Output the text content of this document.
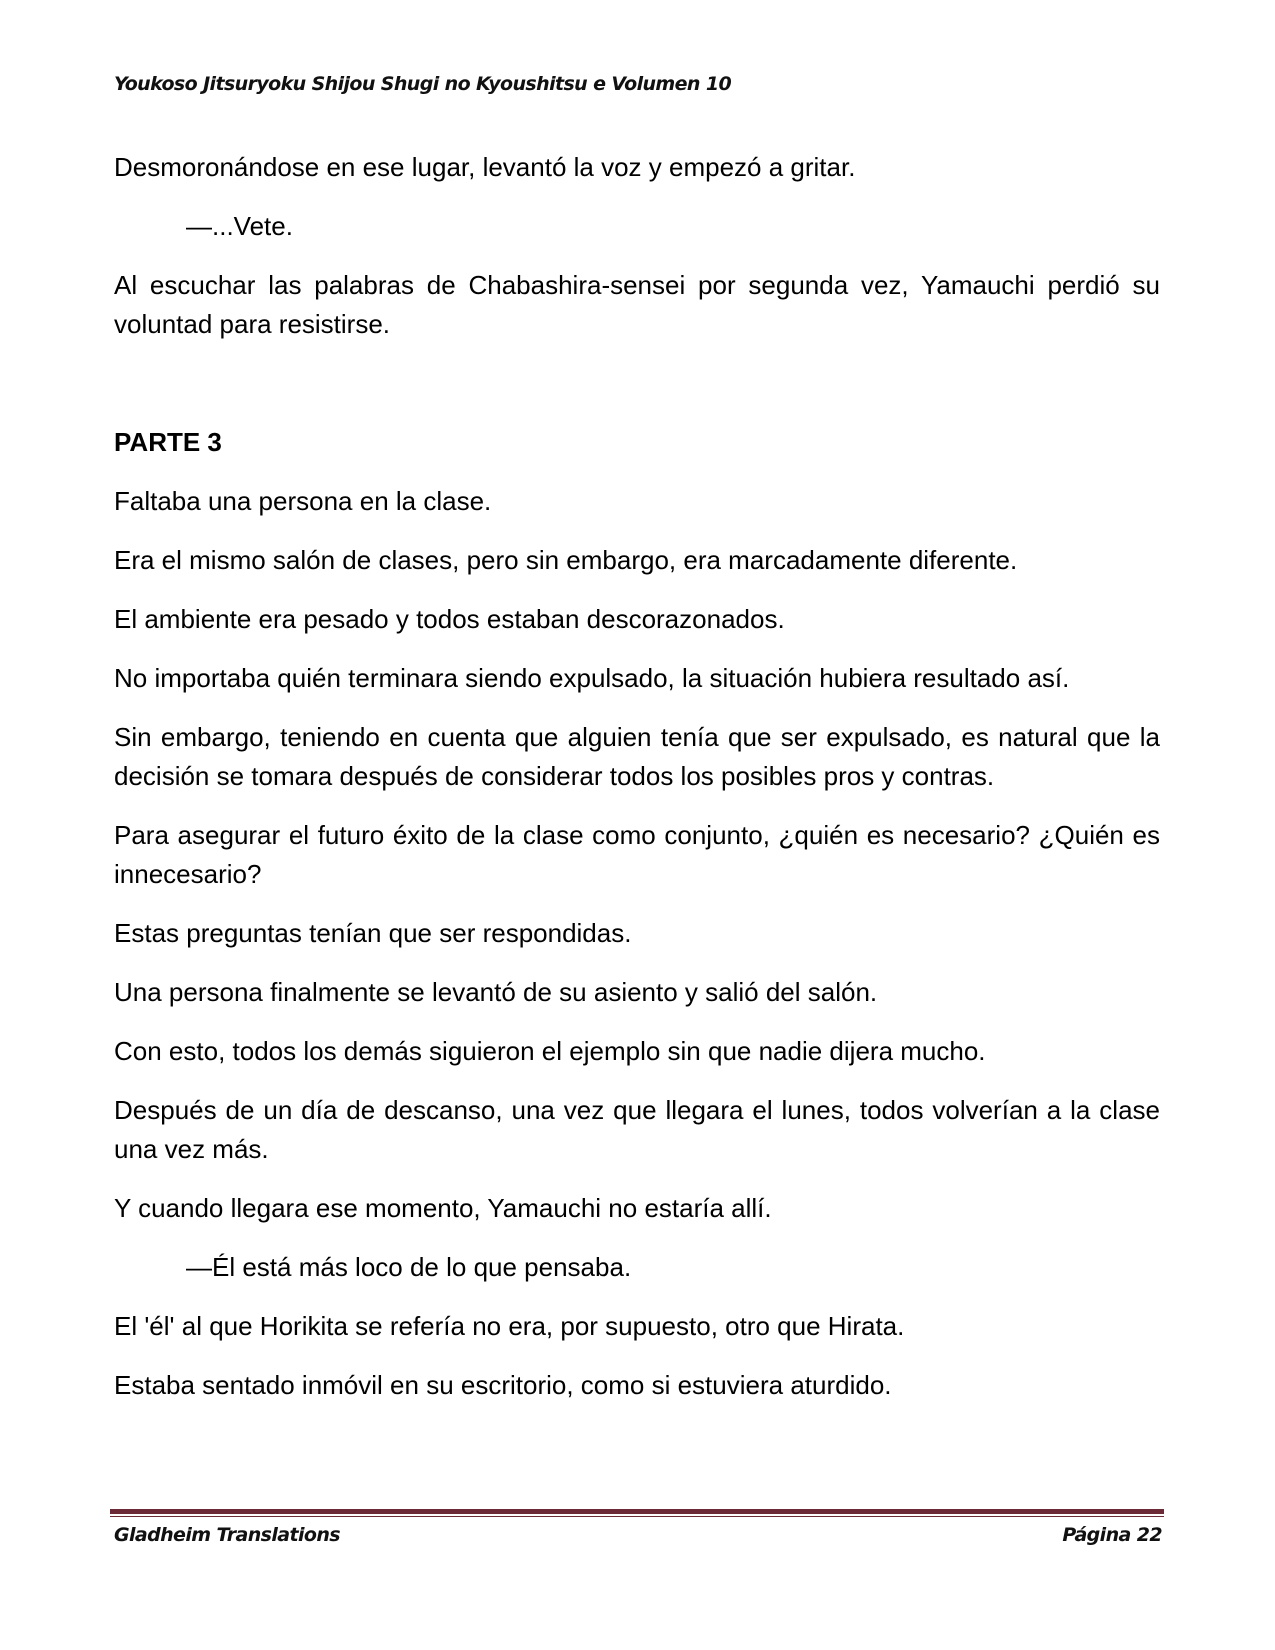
Youkoso Jitsuryoku Shijou Shugi no Kyoushitsu e Volumen 10

Desmoronándose en ese lugar, levantó la voz y empezó a gritar.

—...Vete.

Al escuchar las palabras de Chabashira-sensei por segunda vez, Yamauchi perdió su voluntad para resistirse.

PARTE 3

Faltaba una persona en la clase.

Era el mismo salón de clases, pero sin embargo, era marcadamente diferente.

El ambiente era pesado y todos estaban descorazonados.

No importaba quién terminara siendo expulsado, la situación hubiera resultado así.

Sin embargo, teniendo en cuenta que alguien tenía que ser expulsado, es natural que la decisión se tomara después de considerar todos los posibles pros y contras.

Para asegurar el futuro éxito de la clase como conjunto, ¿quién es necesario? ¿Quién es innecesario?

Estas preguntas tenían que ser respondidas.

Una persona finalmente se levantó de su asiento y salió del salón.

Con esto, todos los demás siguieron el ejemplo sin que nadie dijera mucho.

Después de un día de descanso, una vez que llegara el lunes, todos volverían a la clase una vez más.

Y cuando llegara ese momento, Yamauchi no estaría allí.

—Él está más loco de lo que pensaba.

El 'él' al que Horikita se refería no era, por supuesto, otro que Hirata.

Estaba sentado inmóvil en su escritorio, como si estuviera aturdido.

Gladheim Translations	Página 22
